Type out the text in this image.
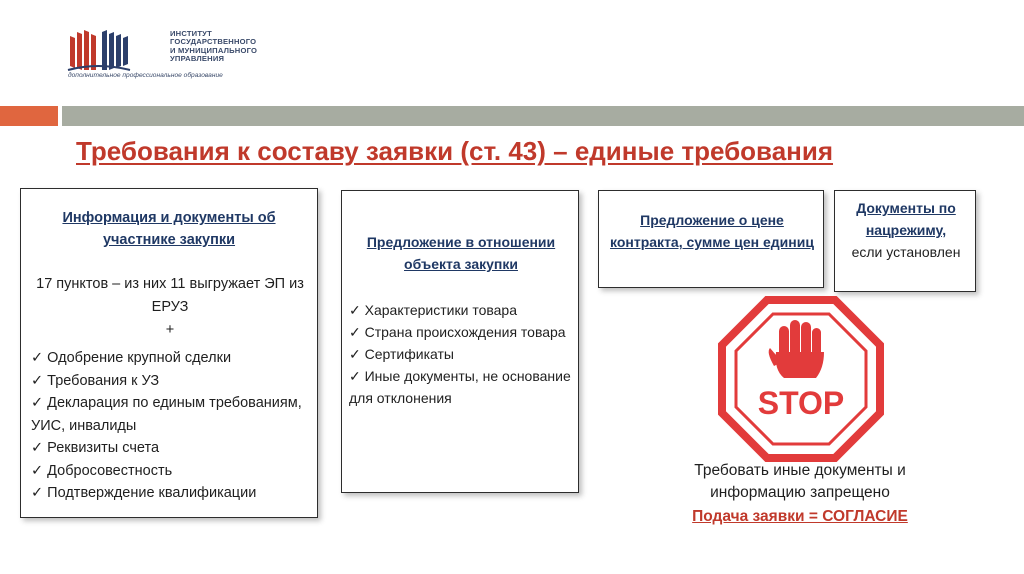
ИНСТИТУТ
ГОСУДАРСТВЕННОГО
И МУНИЦИПАЛЬНОГО
УПРАВЛЕНИЯ
дополнительное профессиональное образование
Требования к составу заявки (ст. 43) – единые требования
Информация и документы об участнике закупки
17 пунктов – из них 11 выгружает ЭП из ЕРУЗ
+
✓ Одобрение крупной сделки
✓ Требования к УЗ
✓ Декларация по единым требованиям, УИС, инвалиды
✓ Реквизиты счета
✓ Добросовестность
✓ Подтверждение квалификации
Предложение в отношении объекта закупки
✓ Характеристики товара
✓ Страна происхождения товара
✓ Сертификаты
✓ Иные документы, не основание для отклонения
Предложение о цене контракта, сумме цен единиц
Документы по нацрежиму,
если установлен
STOP
Требовать иные документы и информацию запрещено
Подача заявки = СОГЛАСИЕ
